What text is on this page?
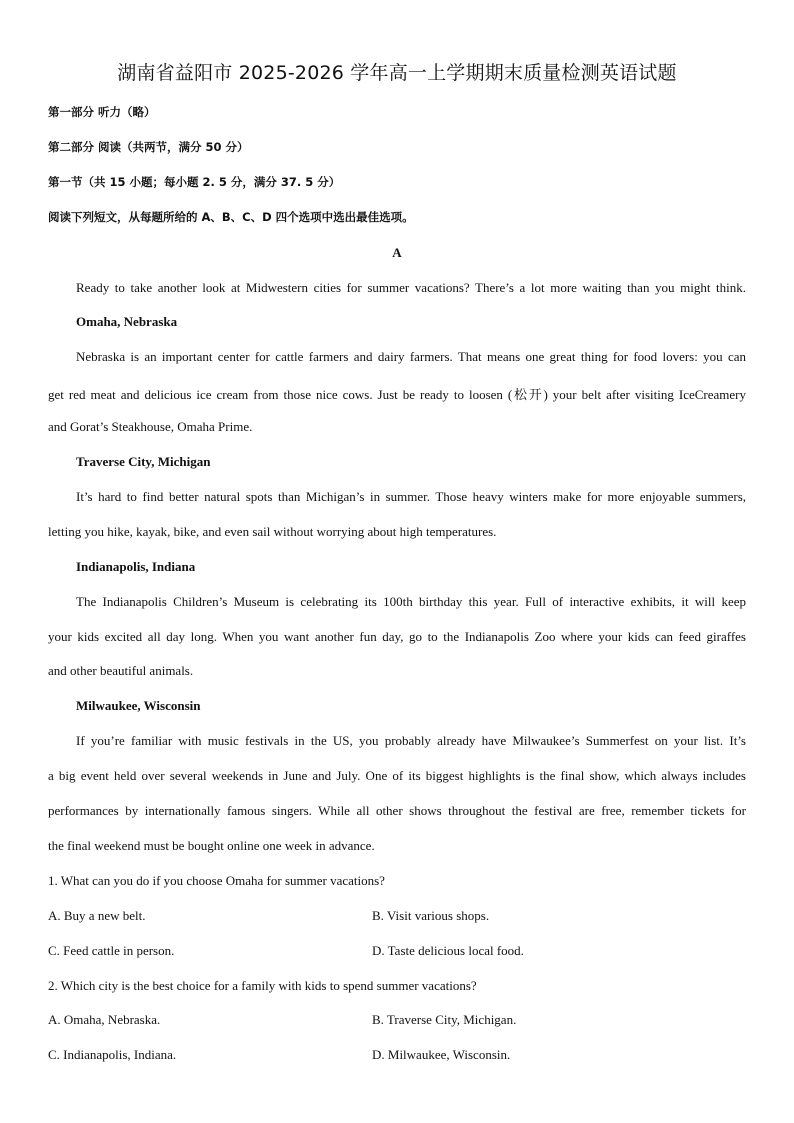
湖南省益阳市 2025-2026 学年高一上学期期末质量检测英语试题
第一部分 听力（略）
第二部分 阅读（共两节，满分 50 分）
第一节（共 15 小题；每小题 2. 5 分，满分 37. 5 分）
阅读下列短文，从每题所给的 A、B、C、D 四个选项中选出最佳选项。
A
Ready to take another look at Midwestern cities for summer vacations? There’s a lot more waiting than you might think.
Omaha, Nebraska
Nebraska is an important center for cattle farmers and dairy farmers. That means one great thing for food lovers: you can
get red meat and delicious ice cream from those nice cows. Just be ready to loosen (松开) your belt after visiting IceCreamery
and Gorat’s Steakhouse, Omaha Prime.
Traverse City, Michigan
It’s hard to find better natural spots than Michigan’s in summer. Those heavy winters make for more enjoyable summers,
letting you hike, kayak, bike, and even sail without worrying about high temperatures.
Indianapolis, Indiana
The Indianapolis Children’s Museum is celebrating its 100th birthday this year. Full of interactive exhibits, it will keep
your kids excited all day long. When you want another fun day, go to the Indianapolis Zoo where your kids can feed giraffes
and other beautiful animals.
Milwaukee, Wisconsin
If you’re familiar with music festivals in the US, you probably already have Milwaukee’s Summerfest on your list. It’s
a big event held over several weekends in June and July. One of its biggest highlights is the final show, which always includes
performances by internationally famous singers. While all other shows throughout the festival are free, remember tickets for
the final weekend must be bought online one week in advance.
1. What can you do if you choose Omaha for summer vacations?
A. Buy a new belt.	B. Visit various shops.
C. Feed cattle in person.	D. Taste delicious local food.
2. Which city is the best choice for a family with kids to spend summer vacations?
A. Omaha, Nebraska.	B. Traverse City, Michigan.
C. Indianapolis, Indiana.	D. Milwaukee, Wisconsin.
